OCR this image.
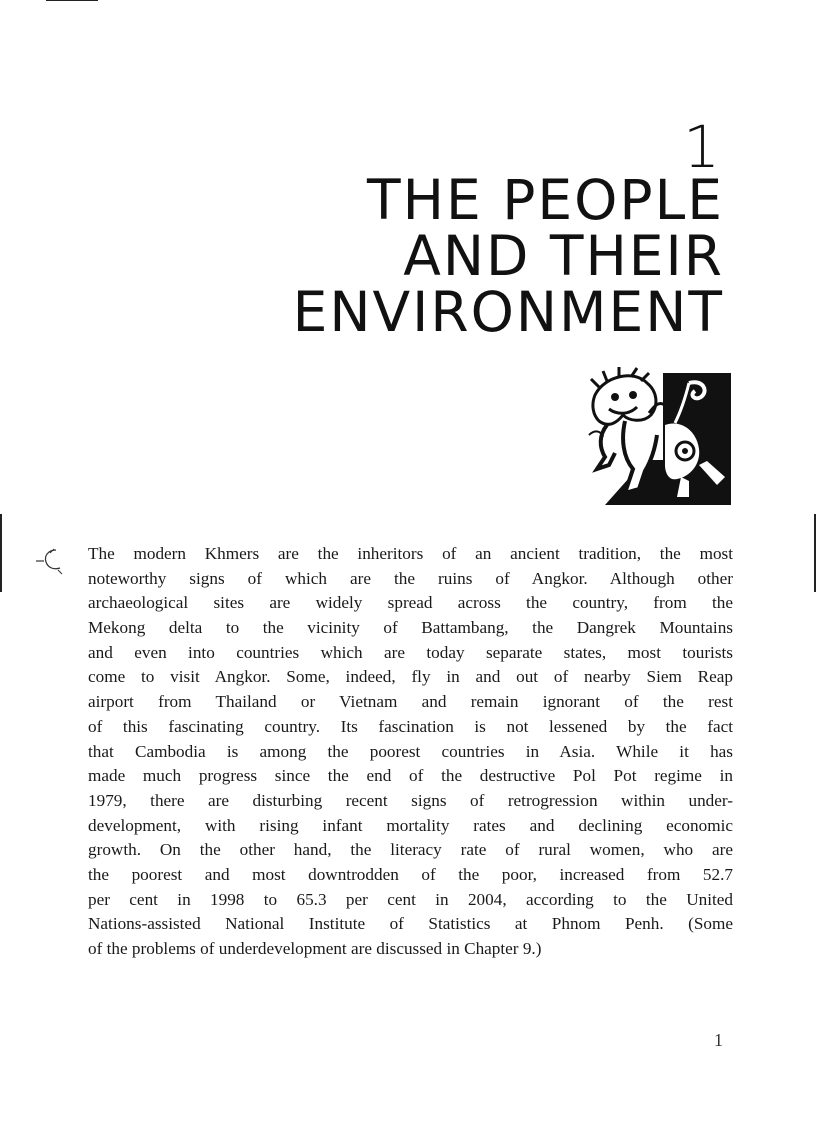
1
THE PEOPLE
AND THEIR
ENVIRONMENT
The modern Khmers are the inheritors of an ancient tradition, the most
noteworthy signs of which are the ruins of Angkor. Although other
archaeological sites are widely spread across the country, from the
Mekong delta to the vicinity of Battambang, the Dangrek Mountains
and even into countries which are today separate states, most tourists
come to visit Angkor. Some, indeed, fly in and out of nearby Siem Reap
airport from Thailand or Vietnam and remain ignorant of the rest
of this fascinating country. Its fascination is not lessened by the fact
that Cambodia is among the poorest countries in Asia. While it has
made much progress since the end of the destructive Pol Pot regime in
1979, there are disturbing recent signs of retrogression within under-
development, with rising infant mortality rates and declining economic
growth. On the other hand, the literacy rate of rural women, who are
the poorest and most downtrodden of the poor, increased from 52.7
per cent in 1998 to 65.3 per cent in 2004, according to the United
Nations-assisted National Institute of Statistics at Phnom Penh. (Some
of the problems of underdevelopment are discussed in Chapter 9.)
1
